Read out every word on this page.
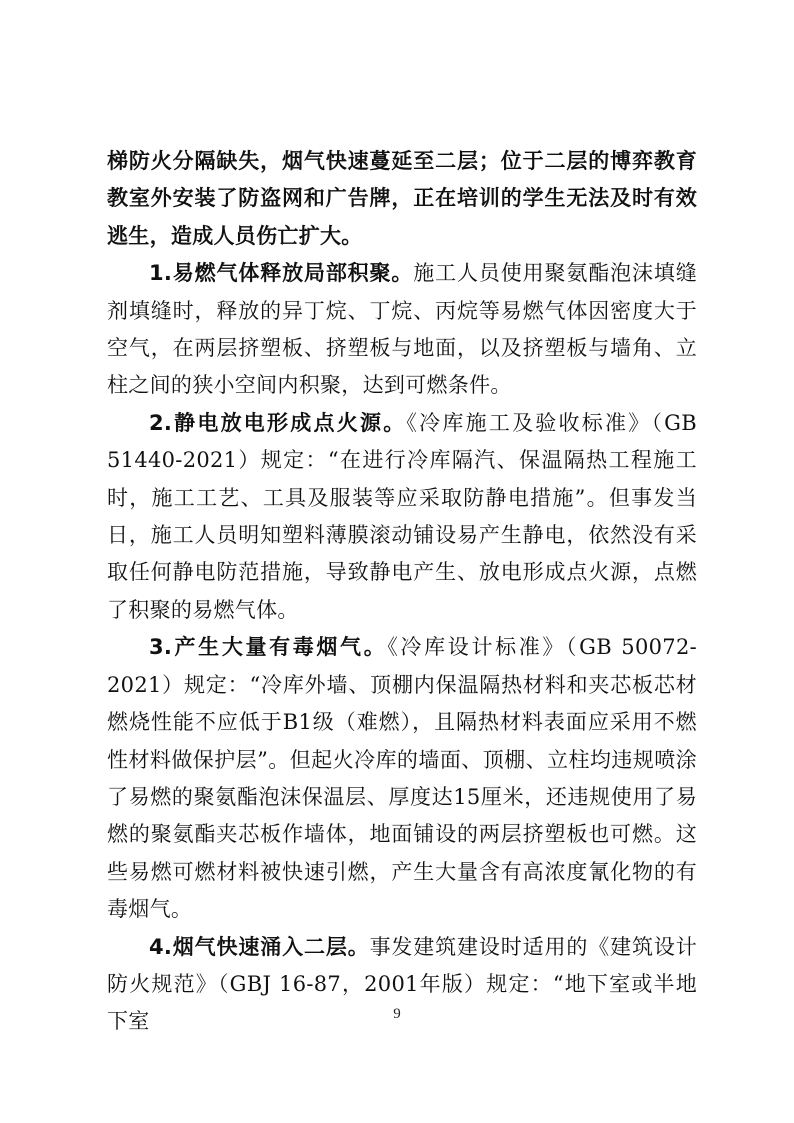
梯防火分隔缺失，烟气快速蔓延至二层；位于二层的博弈教育教室外安装了防盗网和广告牌，正在培训的学生无法及时有效逃生，造成人员伤亡扩大。

1.易燃气体释放局部积聚。施工人员使用聚氨酯泡沫填缝剂填缝时，释放的异丁烷、丁烷、丙烷等易燃气体因密度大于空气，在两层挤塑板、挤塑板与地面，以及挤塑板与墙角、立柱之间的狭小空间内积聚，达到可燃条件。

2.静电放电形成点火源。《冷库施工及验收标准》（GB 51440-2021）规定：“在进行冷库隔汽、保温隔热工程施工时，施工工艺、工具及服装等应采取防静电措施”。但事发当日，施工人员明知塑料薄膜滚动铺设易产生静电，依然没有采取任何静电防范措施，导致静电产生、放电形成点火源，点燃了积聚的易燃气体。

3.产生大量有毒烟气。《冷库设计标准》（GB 50072-2021）规定：“冷库外墙、顶棚内保温隔热材料和夹芯板芯材燃烧性能不应低于B1级（难燃），且隔热材料表面应采用不燃性材料做保护层”。但起火冷库的墙面、顶棚、立柱均违规喷涂了易燃的聚氨酯泡沫保温层、厚度达15厘米，还违规使用了易燃的聚氨酯夹芯板作墙体，地面铺设的两层挤塑板也可燃。这些易燃可燃材料被快速引燃，产生大量含有高浓度氰化物的有毒烟气。

4.烟气快速涌入二层。事发建筑建设时适用的《建筑设计防火规范》（GBJ 16-87，2001年版）规定：“地下室或半地下室	9
